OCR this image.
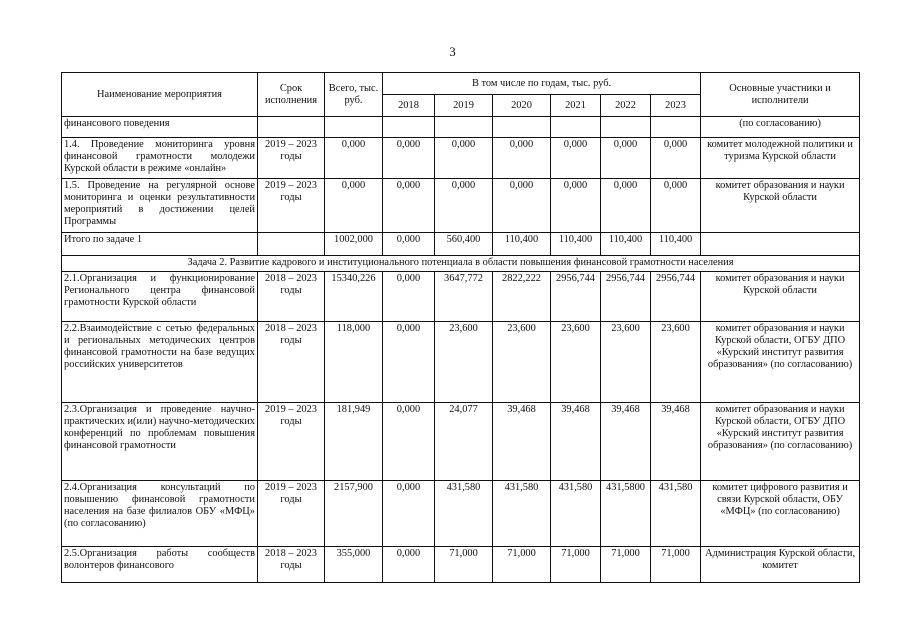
3
Наименование мероприятия	Срок исполнения	Всего, тыс. руб.	В том числе по годам, тыс. руб.						Основные участники и исполнители
			2018	2019	2020	2021	2022	2023	
финансового поведения									(по согласованию)
1.4. Проведение мониторинга уровня финансовой грамотности молодежи Курской области в режиме «онлайн»	2019 – 2023 годы	0,000	0,000	0,000	0,000	0,000	0,000	0,000	комитет молодежной политики и туризма Курской области
1.5. Проведение на регулярной основе мониторинга и оценки результативности мероприятий в достижении целей Программы	2019 – 2023 годы	0,000	0,000	0,000	0,000	0,000	0,000	0,000	комитет образования и науки Курской области
Итого по задаче 1		1002,000	0,000	560,400	110,400	110,400	110,400	110,400	
Задача 2. Развитие кадрового и институционального потенциала в области повышения финансовой грамотности населения									
2.1.Организация и функционирование Регионального центра финансовой грамотности Курской области	2018 – 2023 годы	15340,226	0,000	3647,772	2822,222	2956,744	2956,744	2956,744	комитет образования и науки Курской области
2.2.Взаимодействие с сетью федеральных и региональных методических центров финансовой грамотности на базе ведущих российских университетов	2018 – 2023 годы	118,000	0,000	23,600	23,600	23,600	23,600	23,600	комитет образования и науки Курской области, ОГБУ ДПО «Курский институт развития образования» (по согласованию)
2.3.Организация и проведение научно-практических и(или) научно-методических конференций по проблемам повышения финансовой грамотности	2019 – 2023 годы	181,949	0,000	24,077	39,468	39,468	39,468	39,468	комитет образования и науки Курской области, ОГБУ ДПО «Курский институт развития образования» (по согласованию)
2.4.Организация консультаций по повышению финансовой грамотности населения на базе филиалов ОБУ «МФЦ» (по согласованию)	2019 – 2023 годы	2157,900	0,000	431,580	431,580	431,580	431,5800	431,580	комитет цифрового развития и связи Курской области, ОБУ «МФЦ» (по согласованию)
2.5.Организация работы сообществ волонтеров финансового	2018 – 2023 годы	355,000	0,000	71,000	71,000	71,000	71,000	71,000	Администрация Курской области, комитет
